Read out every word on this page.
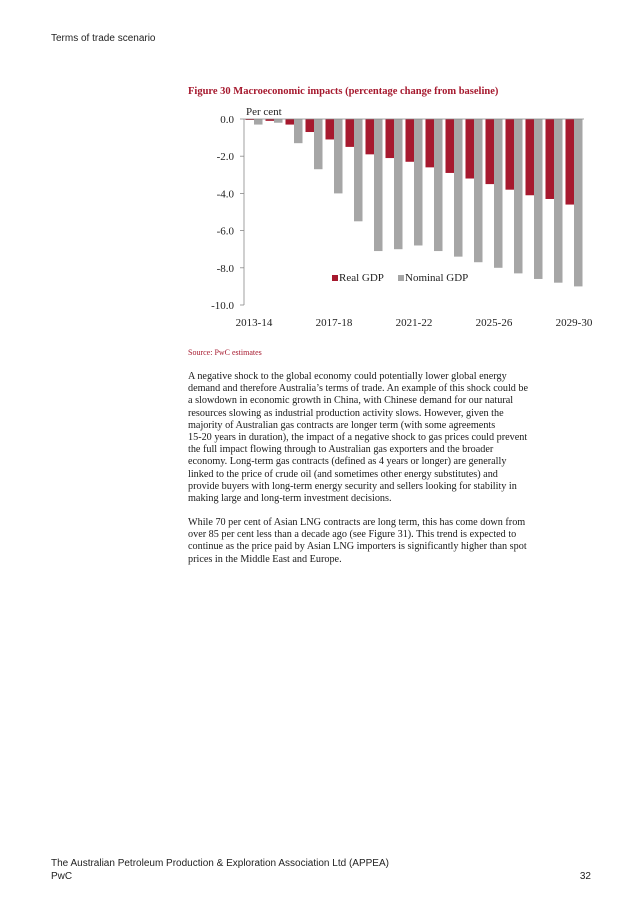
Terms of trade scenario
Figure 30 Macroeconomic impacts (percentage change from baseline)
0.0
-2.0
-4.0
-6.0
-8.0
-10.0
2013-14	2017-18	2021-22	2025-26	2029-30
Per cent
Real GDP Nominal GDP
Source: PwC estimates
A negative shock to the global economy could potentially lower global energy
demand and therefore Australia’s terms of trade. An example of this shock could be
a slowdown in economic growth in China, with Chinese demand for our natural
resources slowing as industrial production activity slows. However, given the
majority of Australian gas contracts are longer term (with some agreements
15-20 years in duration), the impact of a negative shock to gas prices could prevent
the full impact flowing through to Australian gas exporters and the broader
economy. Long-term gas contracts (defined as 4 years or longer) are generally
linked to the price of crude oil (and sometimes other energy substitutes) and
provide buyers with long-term energy security and sellers looking for stability in
making large and long-term investment decisions.
While 70 per cent of Asian LNG contracts are long term, this has come down from
over 85 per cent less than a decade ago (see Figure 31). This trend is expected to
continue as the price paid by Asian LNG importers is significantly higher than spot
prices in the Middle East and Europe.
The Australian Petroleum Production & Exploration Association Ltd (APPEA)
PwC	32
